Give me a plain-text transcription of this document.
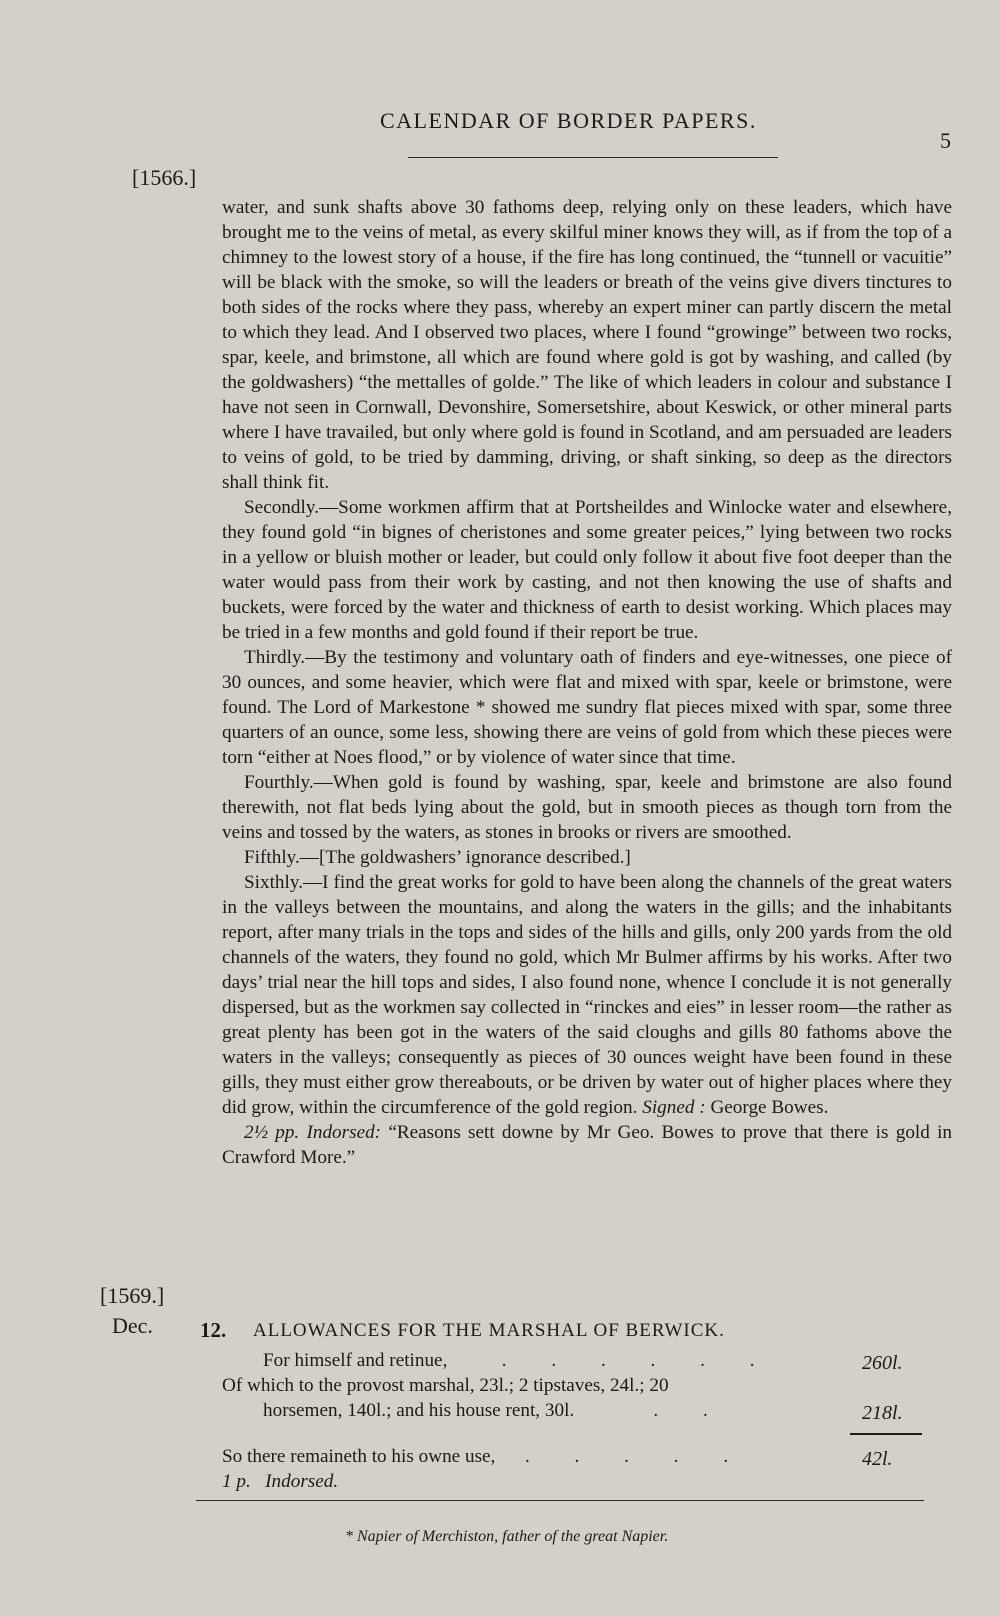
CALENDAR OF BORDER PAPERS.
5
[1566.]

water, and sunk shafts above 30 fathoms deep, relying only on these leaders, which have brought me to the veins of metal, as every skilful miner knows they will, as if from the top of a chimney to the lowest story of a house, if the fire has long continued, the “tunnell or vacuitie” will be black with the smoke, so will the leaders or breath of the veins give divers tinctures to both sides of the rocks where they pass, whereby an expert miner can partly discern the metal to which they lead. And I observed two places, where I found “growinge” between two rocks, spar, keele, and brimstone, all which are found where gold is got by washing, and called (by the goldwashers) “the mettalles of golde.” The like of which leaders in colour and substance I have not seen in Cornwall, Devonshire, Somersetshire, about Keswick, or other mineral parts where I have travailed, but only where gold is found in Scotland, and am persuaded are leaders to veins of gold, to be tried by damming, driving, or shaft sinking, so deep as the directors shall think fit.

Secondly.—Some workmen affirm that at Portsheildes and Winlocke water and elsewhere, they found gold “in bignes of cheristones and some greater peices,” lying between two rocks in a yellow or bluish mother or leader, but could only follow it about five foot deeper than the water would pass from their work by casting, and not then knowing the use of shafts and buckets, were forced by the water and thickness of earth to desist working. Which places may be tried in a few months and gold found if their report be true.

Thirdly.—By the testimony and voluntary oath of finders and eye-witnesses, one piece of 30 ounces, and some heavier, which were flat and mixed with spar, keele or brimstone, were found. The Lord of Markestone * showed me sundry flat pieces mixed with spar, some three quarters of an ounce, some less, showing there are veins of gold from which these pieces were torn “either at Noes flood,” or by violence of water since that time.

Fourthly.—When gold is found by washing, spar, keele and brimstone are also found therewith, not flat beds lying about the gold, but in smooth pieces as though torn from the veins and tossed by the waters, as stones in brooks or rivers are smoothed.

Fifthly.—[The goldwashers’ ignorance described.]

Sixthly.—I find the great works for gold to have been along the channels of the great waters in the valleys between the mountains, and along the waters in the gills; and the inhabitants report, after many trials in the tops and sides of the hills and gills, only 200 yards from the old channels of the waters, they found no gold, which Mr Bulmer affirms by his works. After two days’ trial near the hill tops and sides, I also found none, whence I conclude it is not generally dispersed, but as the workmen say collected in “rinckes and eies” in lesser room—the rather as great plenty has been got in the waters of the said cloughs and gills 80 fathoms above the waters in the valleys; consequently as pieces of 30 ounces weight have been found in these gills, they must either grow thereabouts, or be driven by water out of higher places where they did grow, within the circumference of the gold region. Signed : George Bowes.

2½ pp. Indorsed: “Reasons sett downe by Mr Geo. Bowes to prove that there is gold in Crawford More.”

[1569.]
Dec. 12. ALLOWANCES FOR THE MARSHAL OF BERWICK.
For himself and retinue,   . . . . . .	260l.
Of which to the provost marshal, 23l.; 2 tipstaves, 24l.; 20
horsemen, 140l.; and his house rent, 30l.    . .	218l.
So there remaineth to his owne use,  . . . . .	42l.
1 p. Indorsed.
* Napier of Merchiston, father of the great Napier.
